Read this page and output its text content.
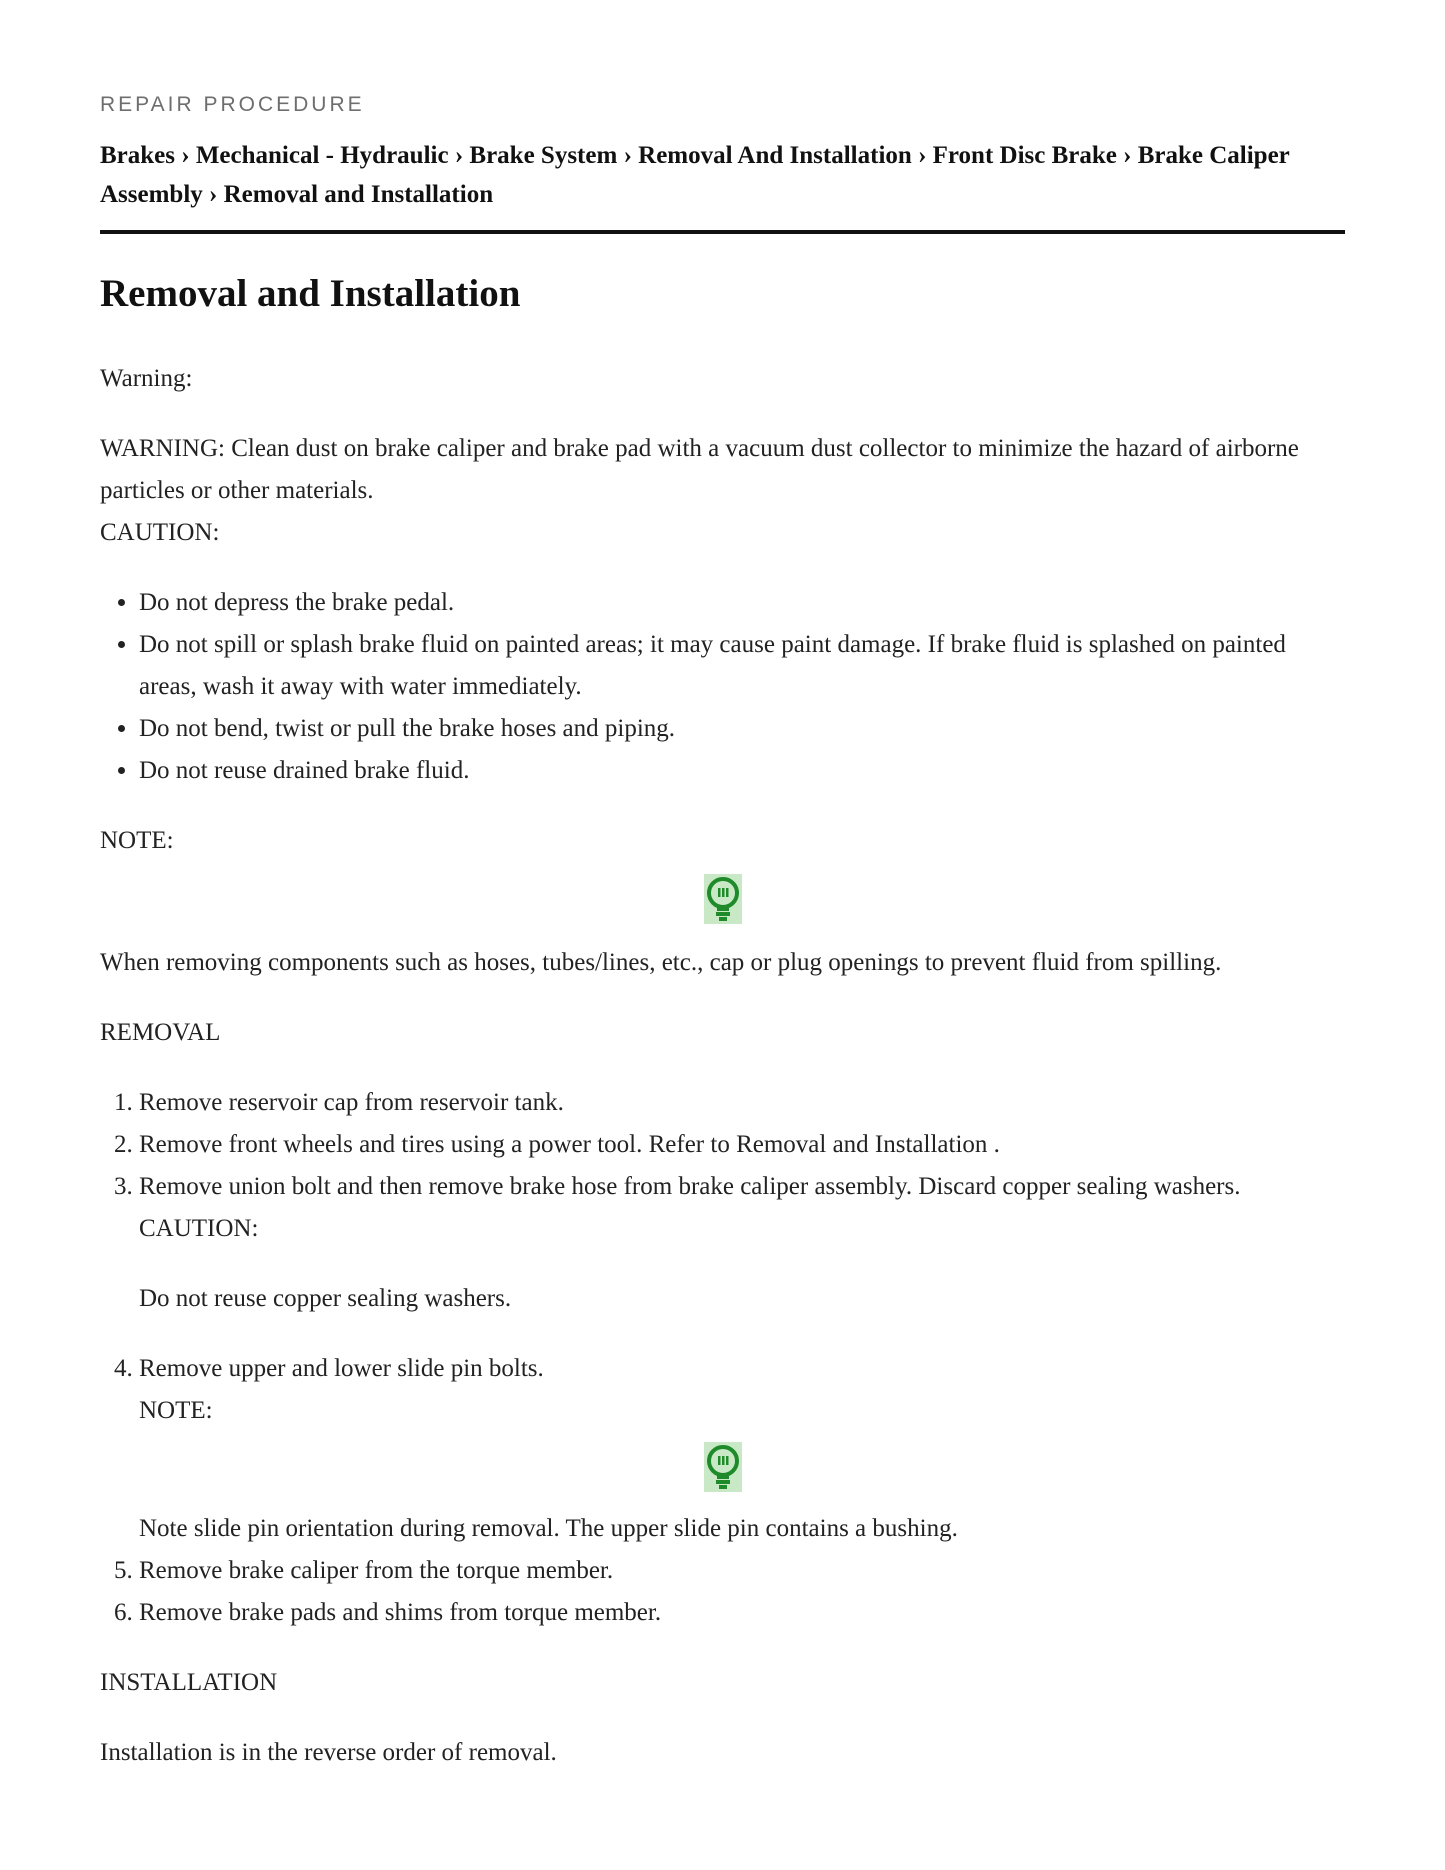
REPAIR PROCEDURE
Brakes › Mechanical - Hydraulic › Brake System › Removal And Installation › Front Disc Brake › Brake Caliper Assembly › Removal and Installation
Removal and Installation

Warning:

WARNING: Clean dust on brake caliper and brake pad with a vacuum dust collector to minimize the hazard of airborne particles or other materials.

CAUTION:

• Do not depress the brake pedal.
• Do not spill or splash brake fluid on painted areas; it may cause paint damage. If brake fluid is splashed on painted areas, wash it away with water immediately.
• Do not bend, twist or pull the brake hoses and piping.
• Do not reuse drained brake fluid.

NOTE:

When removing components such as hoses, tubes/lines, etc., cap or plug openings to prevent fluid from spilling.

REMOVAL

1. Remove reservoir cap from reservoir tank.
2. Remove front wheels and tires using a power tool. Refer to Removal and Installation .
3. Remove union bolt and then remove brake hose from brake caliper assembly. Discard copper sealing washers.
CAUTION:
Do not reuse copper sealing washers.
4. Remove upper and lower slide pin bolts.
NOTE:
Note slide pin orientation during removal. The upper slide pin contains a bushing.
5. Remove brake caliper from the torque member.
6. Remove brake pads and shims from torque member.

INSTALLATION

Installation is in the reverse order of removal.
